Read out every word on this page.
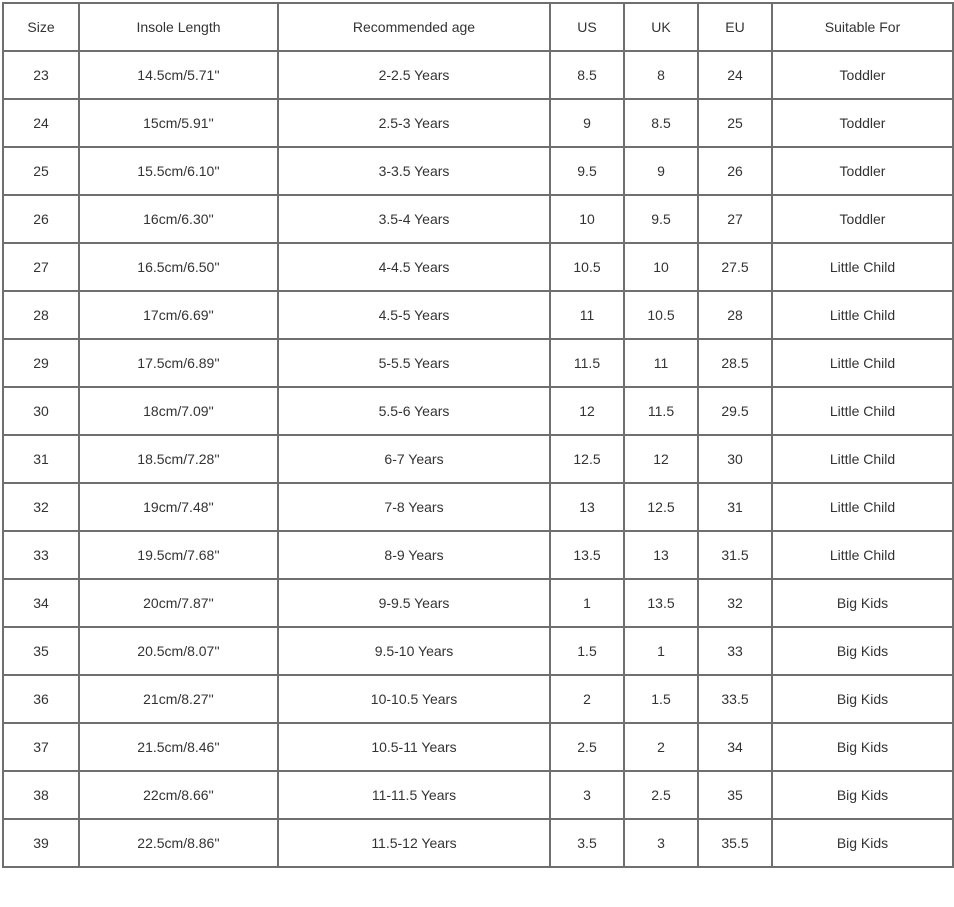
Size	Insole Length	Recommended age	US	UK	EU	Suitable For
23	14.5cm/5.71''	2-2.5 Years	8.5	8	24	Toddler
24	15cm/5.91''	2.5-3 Years	9	8.5	25	Toddler
25	15.5cm/6.10''	3-3.5 Years	9.5	9	26	Toddler
26	16cm/6.30''	3.5-4 Years	10	9.5	27	Toddler
27	16.5cm/6.50''	4-4.5 Years	10.5	10	27.5	Little Child
28	17cm/6.69''	4.5-5 Years	11	10.5	28	Little Child
29	17.5cm/6.89''	5-5.5 Years	11.5	11	28.5	Little Child
30	18cm/7.09''	5.5-6 Years	12	11.5	29.5	Little Child
31	18.5cm/7.28''	6-7 Years	12.5	12	30	Little Child
32	19cm/7.48''	7-8 Years	13	12.5	31	Little Child
33	19.5cm/7.68''	8-9 Years	13.5	13	31.5	Little Child
34	20cm/7.87''	9-9.5 Years	1	13.5	32	Big Kids
35	20.5cm/8.07''	9.5-10 Years	1.5	1	33	Big Kids
36	21cm/8.27''	10-10.5 Years	2	1.5	33.5	Big Kids
37	21.5cm/8.46''	10.5-11 Years	2.5	2	34	Big Kids
38	22cm/8.66''	11-11.5 Years	3	2.5	35	Big Kids
39	22.5cm/8.86''	11.5-12 Years	3.5	3	35.5	Big Kids
